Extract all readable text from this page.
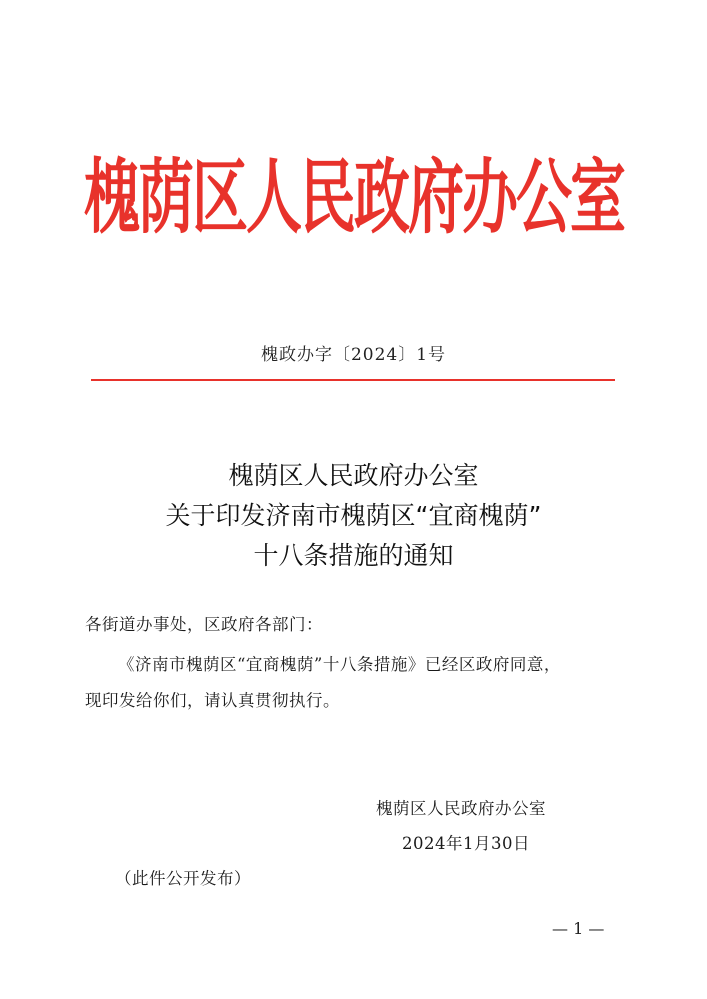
槐荫区人民政府办公室
槐政办字〔2024〕1号
槐荫区人民政府办公室
关于印发济南市槐荫区“宜商槐荫”
十八条措施的通知
各街道办事处，区政府各部门：
《济南市槐荫区“宜商槐荫”十八条措施》已经区政府同意，
现印发给你们，请认真贯彻执行。
槐荫区人民政府办公室
2024年1月30日
（此件公开发布）
— 1 —
